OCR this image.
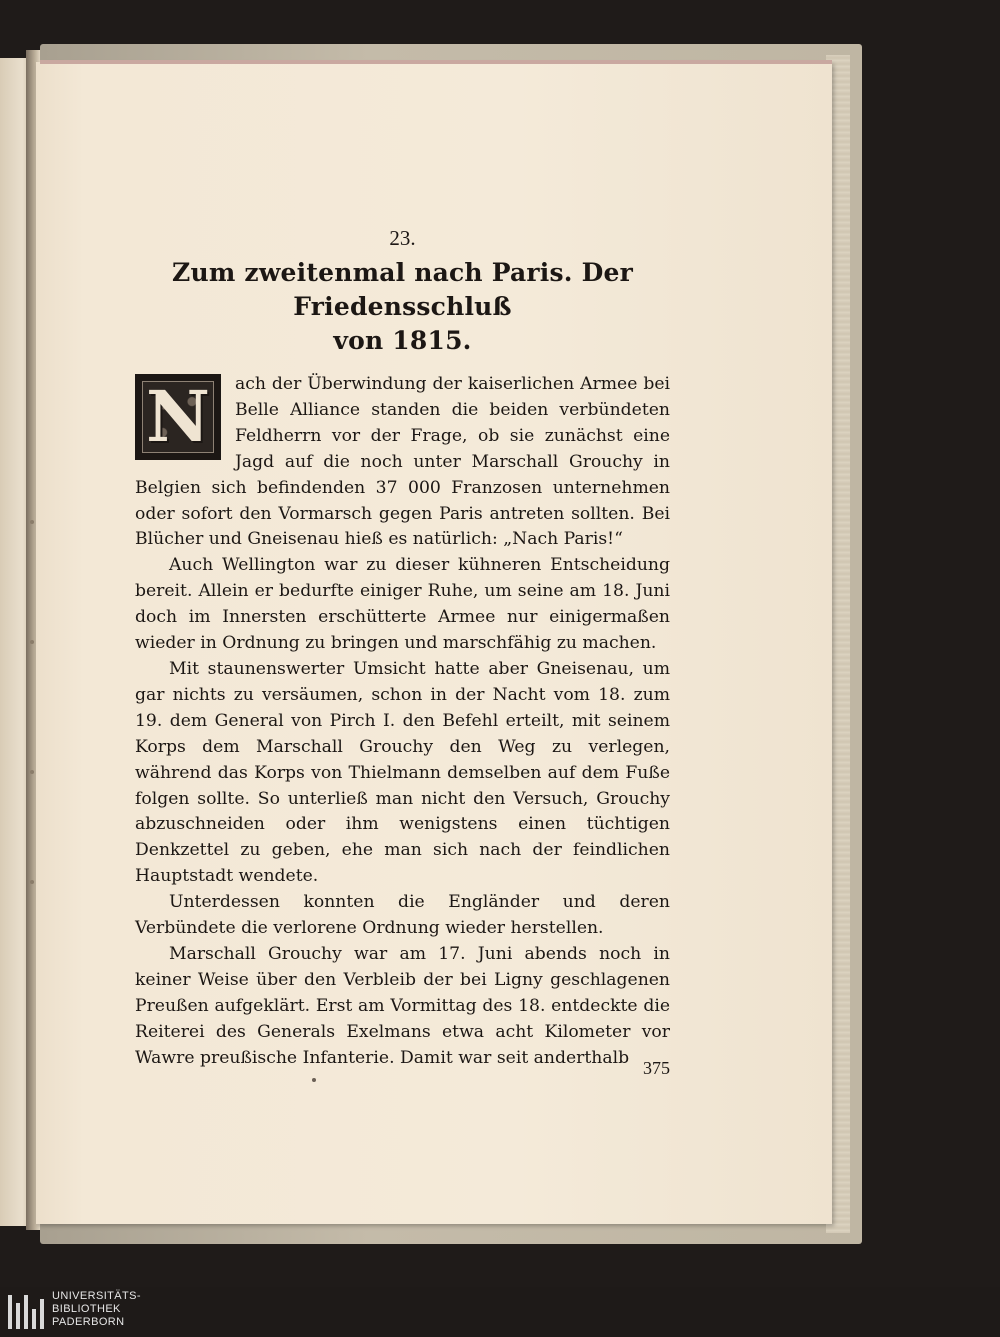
23.
Zum zweitenmal nach Paris. Der Friedensschluß
von 1815.

N	ach der Überwindung der kaiserlichen Armee bei Belle Alliance standen die beiden verbündeten Feldherrn vor der Frage, ob sie zunächst eine Jagd auf die noch unter Marschall Grouchy in Belgien sich befindenden 37 000 Franzosen unternehmen oder sofort den Vormarsch gegen Paris antreten sollten. Bei Blücher und Gneisenau hieß es natürlich: „Nach Paris!“

Auch Wellington war zu dieser kühneren Entscheidung bereit. Allein er bedurfte einiger Ruhe, um seine am 18. Juni doch im Innersten erschütterte Armee nur einigermaßen wieder in Ordnung zu bringen und marschfähig zu machen.

Mit staunenswerter Umsicht hatte aber Gneisenau, um gar nichts zu versäumen, schon in der Nacht vom 18. zum 19. dem General von Pirch I. den Befehl erteilt, mit seinem Korps dem Marschall Grouchy den Weg zu verlegen, während das Korps von Thielmann demselben auf dem Fuße folgen sollte. So unterließ man nicht den Versuch, Grouchy abzuschneiden oder ihm wenigstens einen tüchtigen Denkzettel zu geben, ehe man sich nach der feindlichen Hauptstadt wendete.

Unterdessen konnten die Engländer und deren Verbündete die verlorene Ordnung wieder herstellen.

Marschall Grouchy war am 17. Juni abends noch in keiner Weise über den Verbleib der bei Ligny geschlagenen Preußen aufgeklärt. Erst am Vormittag des 18. entdeckte die Reiterei des Generals Exelmans etwa acht Kilometer vor Wawre preußische Infanterie. Damit war seit anderthalb

375
UNIVERSITÄTS-
BIBLIOTHEK
PADERBORN
